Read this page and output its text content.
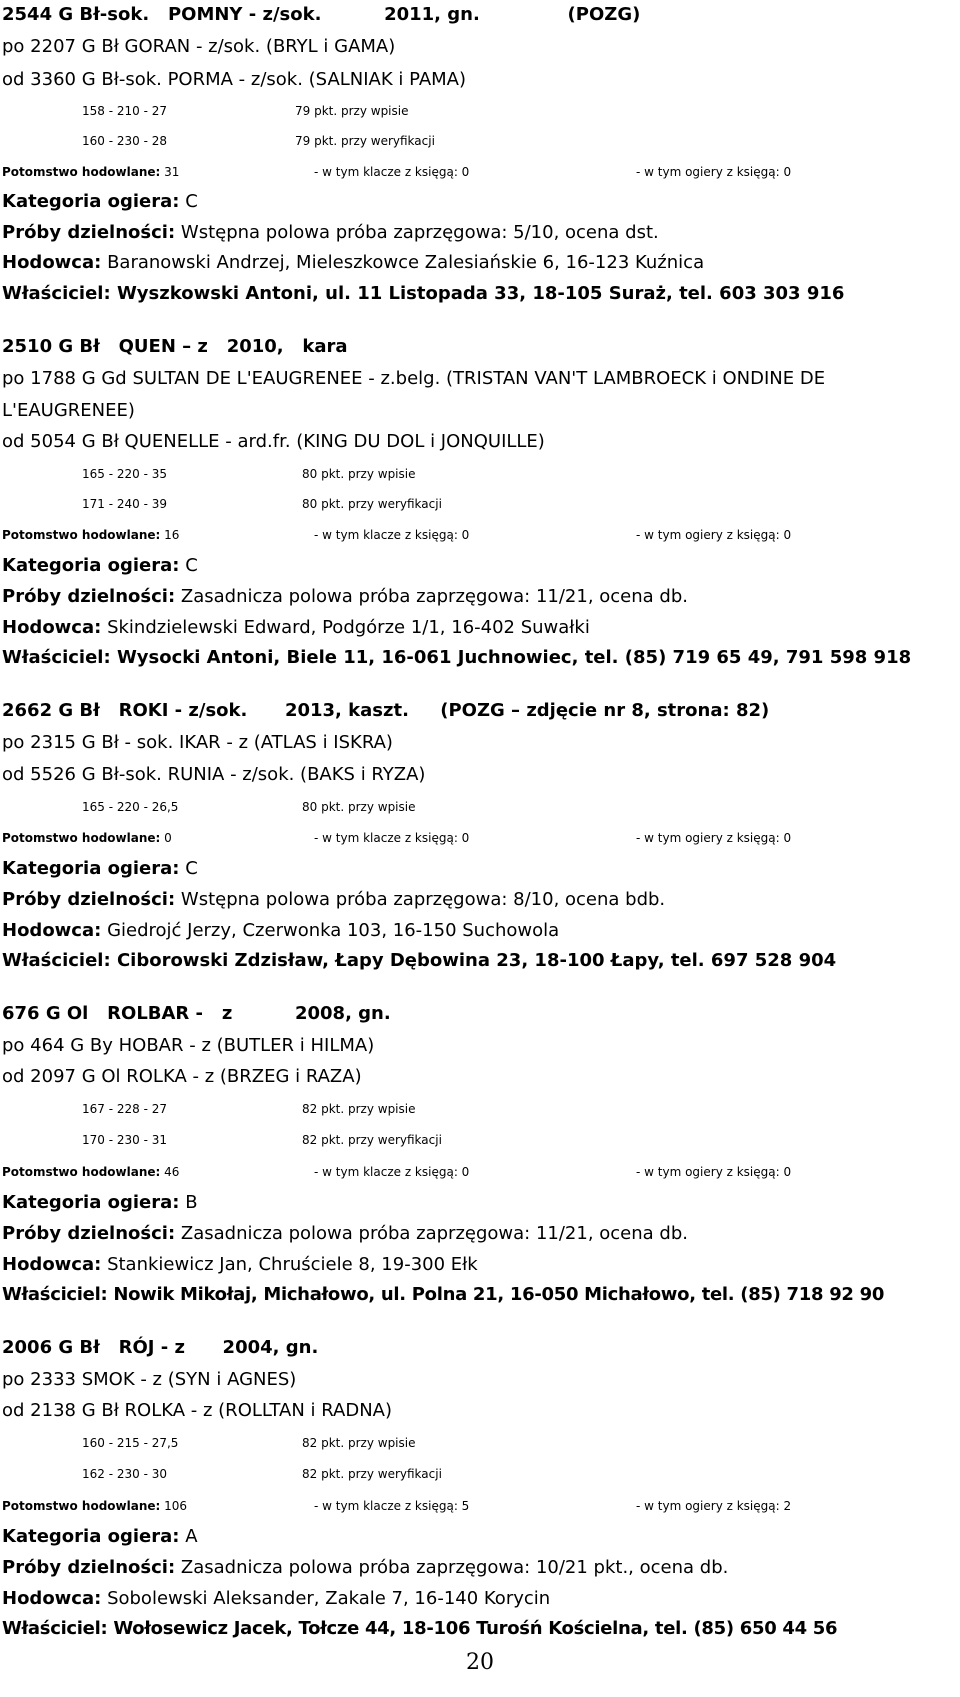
2544 G Bł-sok.   POMNY - z/sok.          2011, gn.              (POZG)
po 2207 G Bł GORAN - z/sok. (BRYL i GAMA)
od 3360 G Bł-sok. PORMA - z/sok. (SALNIAK i PAMA)
158 - 210 - 27	79 pkt. przy wpisie
160 - 230 - 28	79 pkt. przy weryfikacji
Potomstwo hodowlane: 31	- w tym klacze z księgą: 0	- w tym ogiery z księgą: 0
Kategoria ogiera: C
Próby dzielności: Wstępna polowa próba zaprzęgowa: 5/10, ocena dst.
Hodowca: Baranowski Andrzej, Mieleszkowce Zalesiańskie 6, 16-123 Kuźnica
Właściciel: Wyszkowski Antoni, ul. 11 Listopada 33, 18-105 Suraż, tel. 603 303 916
2510 G Bł   QUEN – z   2010,   kara
po 1788 G Gd SULTAN DE L'EAUGRENEE - z.belg. (TRISTAN VAN'T LAMBROECK i ONDINE DE
L'EAUGRENEE)
od 5054 G Bł QUENELLE - ard.fr. (KING DU DOL i JONQUILLE)
165 - 220 - 35	80 pkt. przy wpisie
171 - 240 - 39	80 pkt. przy weryfikacji
Potomstwo hodowlane: 16	- w tym klacze z księgą: 0	- w tym ogiery z księgą: 0
Kategoria ogiera: C
Próby dzielności: Zasadnicza polowa próba zaprzęgowa: 11/21, ocena db.
Hodowca: Skindzielewski Edward, Podgórze 1/1, 16-402 Suwałki
Właściciel: Wysocki Antoni, Biele 11, 16-061 Juchnowiec, tel. (85) 719 65 49, 791 598 918
2662 G Bł   ROKI - z/sok.      2013, kaszt.     (POZG – zdjęcie nr 8, strona: 82)
po 2315 G Bł - sok. IKAR - z (ATLAS i ISKRA)
od 5526 G Bł-sok. RUNIA - z/sok. (BAKS i RYZA)
165 - 220 - 26,5	80 pkt. przy wpisie
Potomstwo hodowlane: 0	- w tym klacze z księgą: 0	- w tym ogiery z księgą: 0
Kategoria ogiera: C
Próby dzielności: Wstępna polowa próba zaprzęgowa: 8/10, ocena bdb.
Hodowca: Giedrojć Jerzy, Czerwonka 103, 16-150 Suchowola
Właściciel: Ciborowski Zdzisław, Łapy Dębowina 23, 18-100 Łapy, tel. 697 528 904
676 G Ol   ROLBAR -   z          2008, gn.
po 464 G By HOBAR - z (BUTLER i HILMA)
od 2097 G Ol ROLKA - z (BRZEG i RAZA)
167 - 228 - 27	82 pkt. przy wpisie
170 - 230 - 31	82 pkt. przy weryfikacji
Potomstwo hodowlane: 46	- w tym klacze z księgą: 0	- w tym ogiery z księgą: 0
Kategoria ogiera: B
Próby dzielności: Zasadnicza polowa próba zaprzęgowa: 11/21, ocena db.
Hodowca: Stankiewicz Jan, Chruściele 8, 19-300 Ełk
Właściciel: Nowik Mikołaj, Michałowo, ul. Polna 21, 16-050 Michałowo, tel. (85) 718 92 90
2006 G Bł   RÓJ - z      2004, gn.
po 2333 SMOK - z (SYN i AGNES)
od 2138 G Bł ROLKA - z (ROLLTAN i RADNA)
160 - 215 - 27,5	82 pkt. przy wpisie
162 - 230 - 30	82 pkt. przy weryfikacji
Potomstwo hodowlane: 106	- w tym klacze z księgą: 5	- w tym ogiery z księgą: 2
Kategoria ogiera: A
Próby dzielności: Zasadnicza polowa próba zaprzęgowa: 10/21 pkt., ocena db.
Hodowca: Sobolewski Aleksander, Zakale 7, 16-140 Korycin
Właściciel: Wołosewicz Jacek, Tołcze 44, 18-106 Turośń Kościelna, tel. (85) 650 44 56
20
